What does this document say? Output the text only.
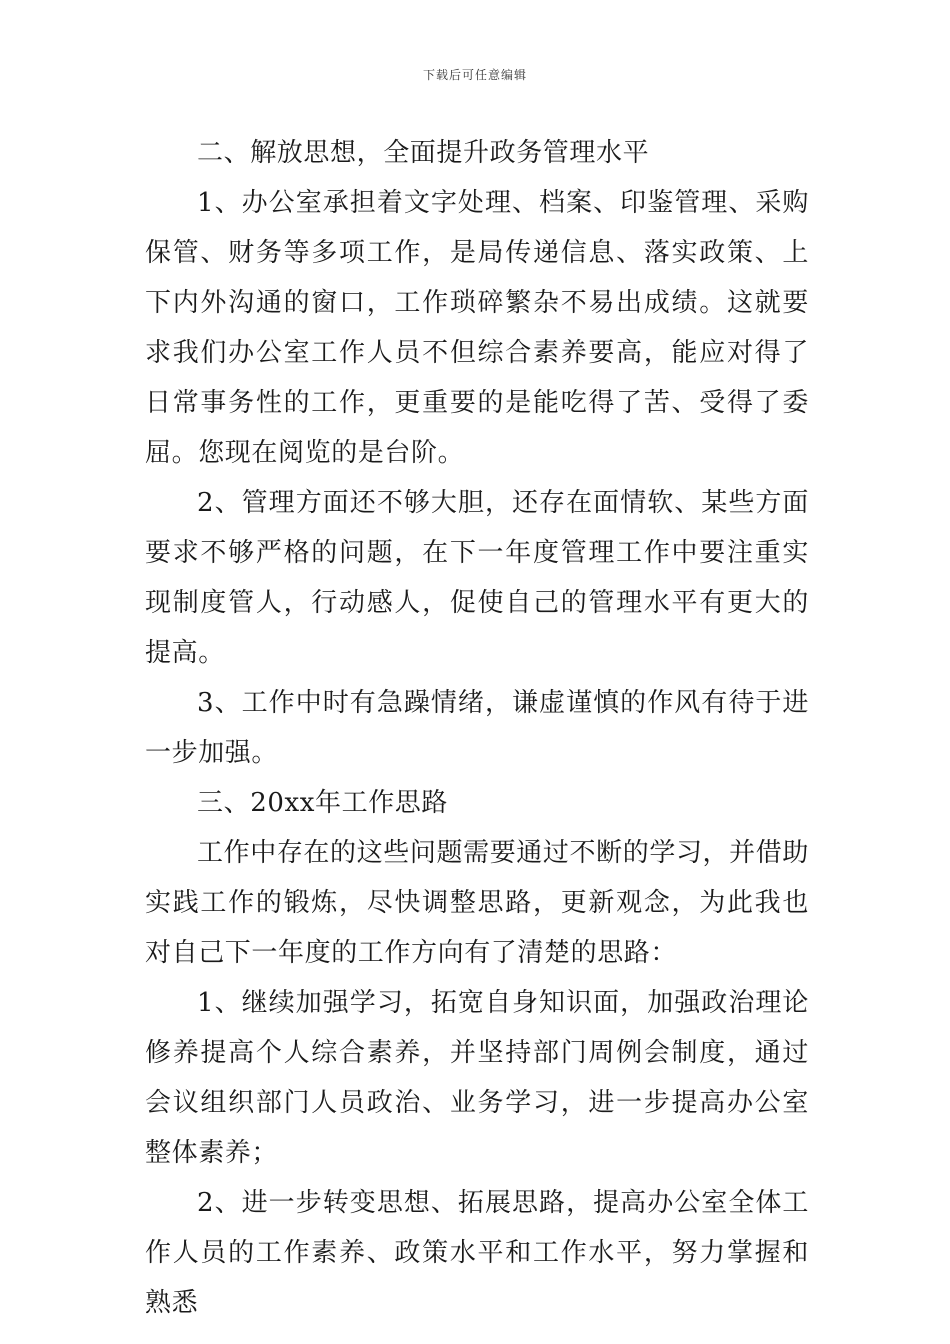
下载后可任意编辑

二、解放思想，全面提升政务管理水平

1、办公室承担着文字处理、档案、印鉴管理、采购保管、财务等多项工作，是局传递信息、落实政策、上下内外沟通的窗口，工作琐碎繁杂不易出成绩。这就要求我们办公室工作人员不但综合素养要高，能应对得了日常事务性的工作，更重要的是能吃得了苦、受得了委屈。您现在阅览的是台阶。

2、管理方面还不够大胆，还存在面情软、某些方面要求不够严格的问题，在下一年度管理工作中要注重实现制度管人，行动感人，促使自己的管理水平有更大的提高。

3、工作中时有急躁情绪，谦虚谨慎的作风有待于进一步加强。

三、20xx年工作思路

工作中存在的这些问题需要通过不断的学习，并借助实践工作的锻炼，尽快调整思路，更新观念，为此我也对自己下一年度的工作方向有了清楚的思路：

1、继续加强学习，拓宽自身知识面，加强政治理论修养提高个人综合素养，并坚持部门周例会制度，通过会议组织部门人员政治、业务学习，进一步提高办公室整体素养；

2、进一步转变思想、拓展思路，提高办公室全体工作人员的工作素养、政策水平和工作水平，努力掌握和熟悉
